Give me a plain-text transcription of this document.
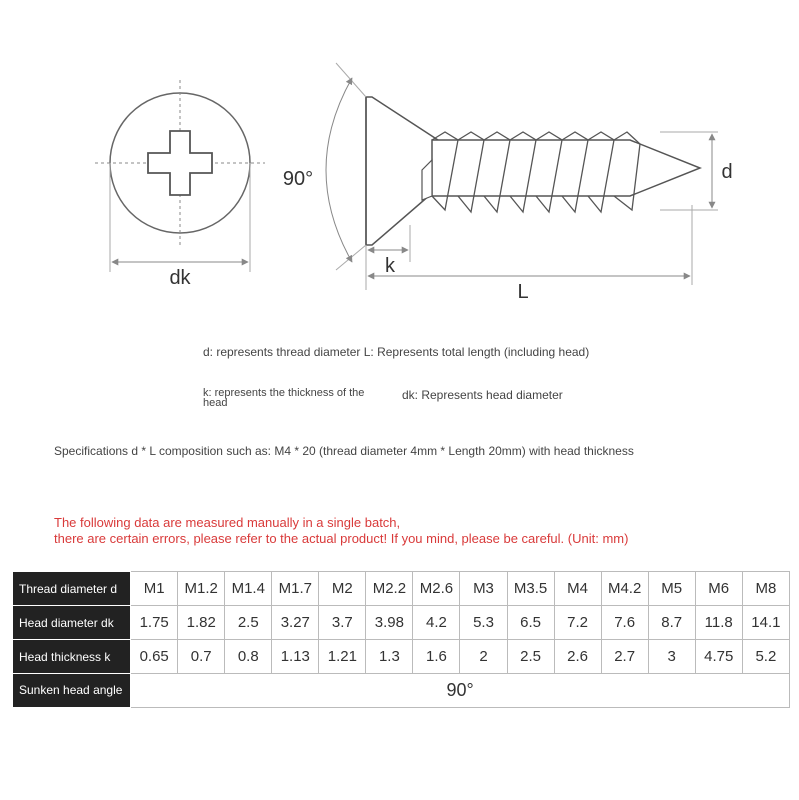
dk
90°
k
L
d
d: represents thread diameter L: Represents total length (including head)
k: represents the thickness of the head
dk: Represents head diameter
Specifications d * L composition such as: M4 * 20 (thread diameter 4mm * Length 20mm) with head thickness
The following data are measured manually in a single batch,
there are certain errors, please refer to the actual product! If you mind, please be careful. (Unit: mm)
Thread diameter d	M1	M1.2	M1.4	M1.7	M2	M2.2	M2.6	M3	M3.5	M4	M4.2	M5	M6	M8
Head diameter dk	1.75	1.82	2.5	3.27	3.7	3.98	4.2	5.3	6.5	7.2	7.6	8.7	11.8	14.1
Head thickness k	0.65	0.7	0.8	1.13	1.21	1.3	1.6	2	2.5	2.6	2.7	3	4.75	5.2
Sunken head angle	90°													
